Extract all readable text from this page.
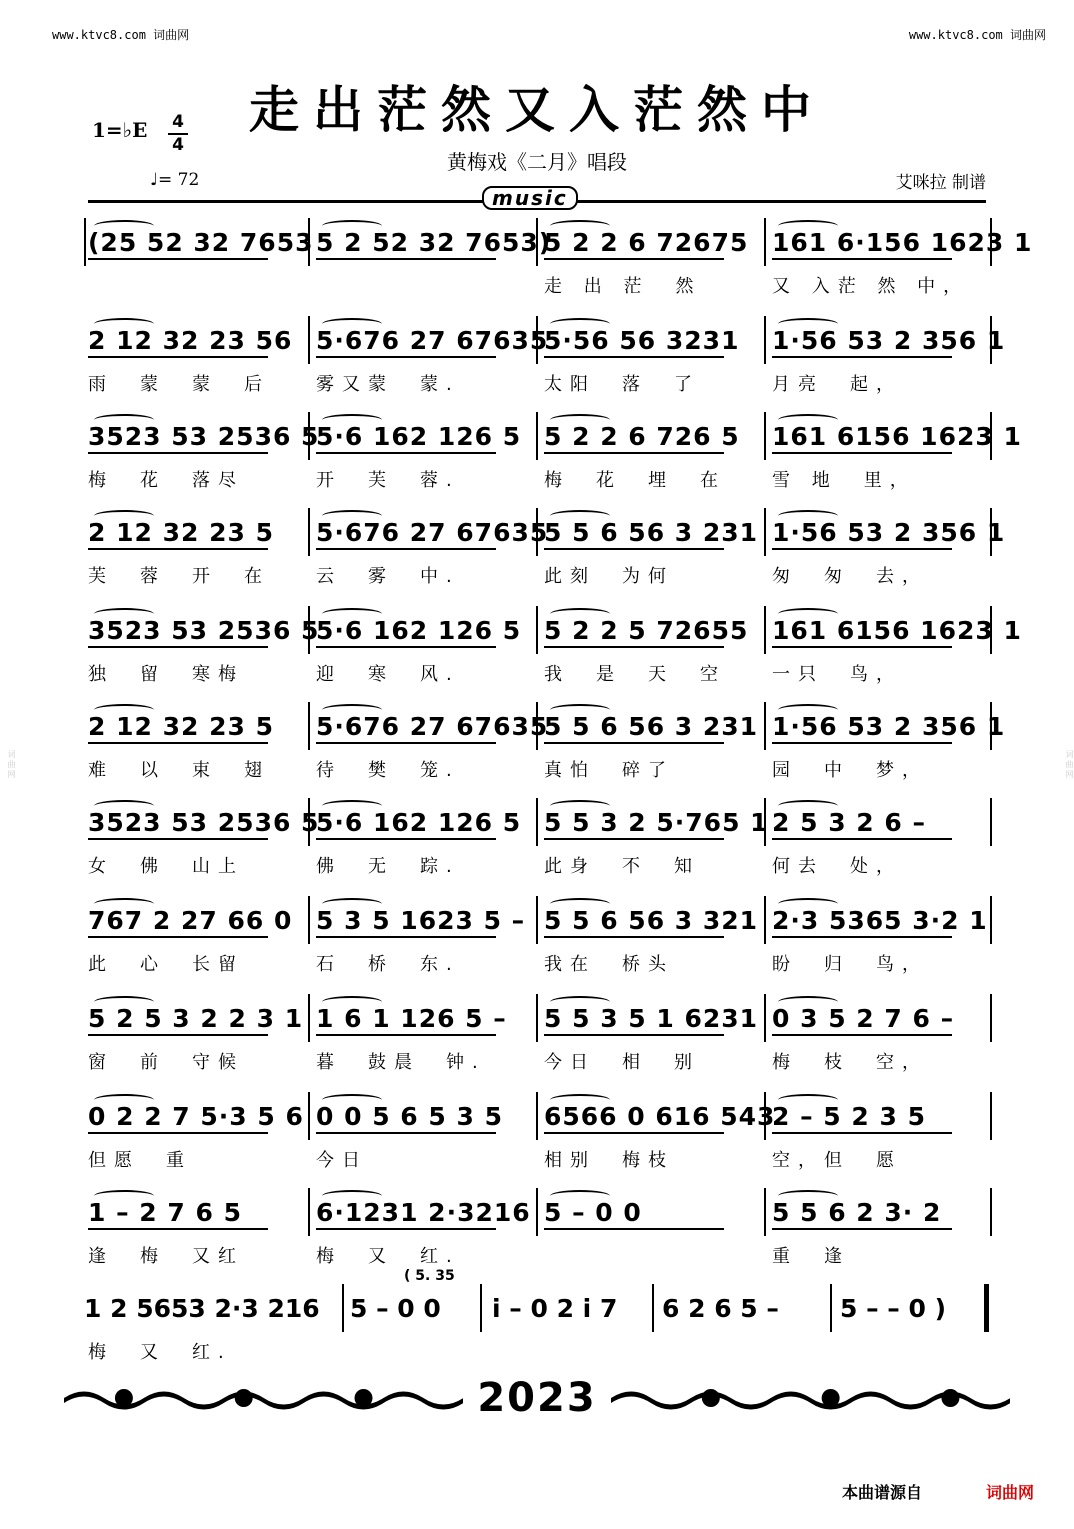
词曲网	词曲网
www.ktvc8.com 词曲网	www.ktvc8.com 词曲网
走出茫然又入茫然中
1=♭E 4
4
♩= 72
黄梅戏《二月》唱段
艾咪拉 制谱
music
(25 52 32 7653 5 2 52 32 7653)
5 2 2 6 72675
走 出 茫　然
161 6·156 1623 1
又 入茫 然 中，
2 12 32 23 56
雨　蒙　蒙　后
5·676 27 67635
雾又蒙　蒙.
5·56 56 3231
太阳　落　了
1·56 53 2 356 1
月亮　起，
3523 53 2536 5
梅　花　落尽
5·6 162 126 5
开　芙　蓉.
5 2 2 6 726 5
梅　花　埋　在
161 6156 1623 1
雪 地　里，
2 12 32 23 5
芙　蓉　开　在
5·676 27 67635
云　雾　中.
5 5 6 56 3 231
此刻　为何
1·56 53 2 356 1
匆　匆　去，
3523 53 2536 5
独　留　寒梅
5·6 162 126 5
迎　寒　风.
5 2 2 5 72655
我　是　天　空
161 6156 1623 1
一只　鸟，
2 12 32 23 5
难　以　束　翅
5·676 27 67635
待　樊　笼.
5 5 6 56 3 231
真怕　碎了
1·56 53 2 356 1
园　中　梦，
3523 53 2536 5
女　佛　山上
5·6 162 126 5
佛　无　踪.
5 5 3 2 5·765 1
此身　不　知
2 5 3 2 6 –
何去　处，
767 2 27 66 0
此　心　长留
5 3 5 1623 5 –
石　桥　东.
5 5 6 56 3 321
我在　桥头
2·3 5365 3·2 1
盼　归　鸟，
5 2 5 3 2 2 3 1
窗　前　守候
1 6 1 126 5 –
暮　鼓晨　钟.
5 5 3 5 1 6231
今日　相　别
0 3 5 2 7 6 –
梅　枝　空，
0 2 2 7 5·3 5 6
但愿　重
0 0 5 6 5 3 5
今日
6566 0 616 543
相别　梅枝
2 – 5 2 3 5
空，但　愿
1 – 2 7 6 5
逢　梅　又红
6·1231 2·3216
梅　又　红.
5 – 0 0	5 5 6 2 3· 2
重　逢
( 5. 35
1 2 5653 2·3 216 5 – 0 0 i – 0 2 i 7 6 2 6 5 – 5 – – 0 )
梅　又　红.
2023
本曲谱源自	词曲网
